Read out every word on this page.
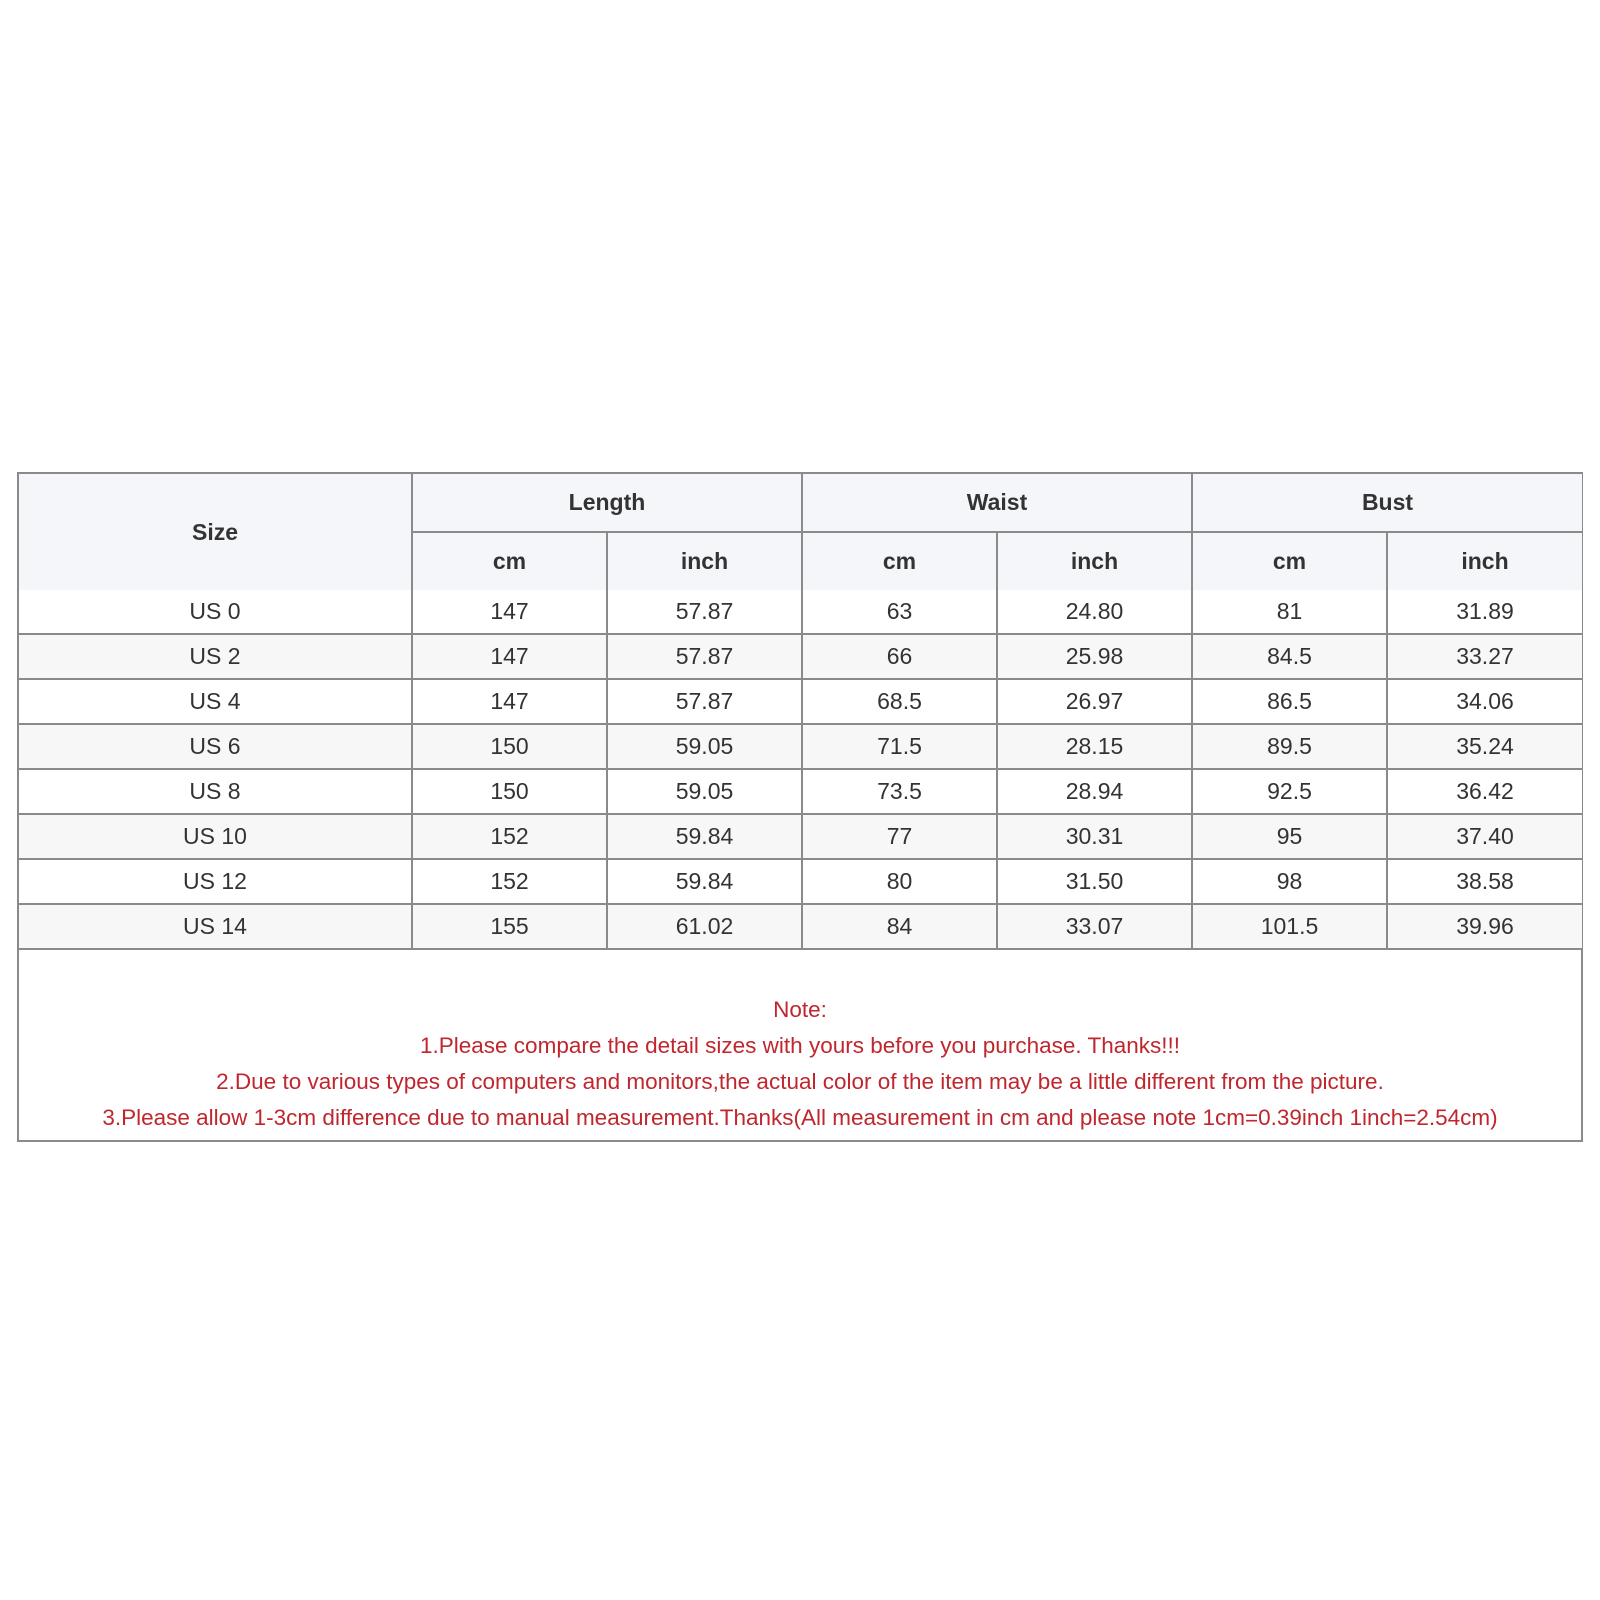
Size	Length		Waist		Bust	
	cm	inch	cm	inch	cm	inch
US 0	147	57.87	63	24.80	81	31.89
US 2	147	57.87	66	25.98	84.5	33.27
US 4	147	57.87	68.5	26.97	86.5	34.06
US 6	150	59.05	71.5	28.15	89.5	35.24
US 8	150	59.05	73.5	28.94	92.5	36.42
US 10	152	59.84	77	30.31	95	37.40
US 12	152	59.84	80	31.50	98	38.58
US 14	155	61.02	84	33.07	101.5	39.96
Note:
1.Please compare the detail sizes with yours before you purchase. Thanks!!!
2.Due to various types of computers and monitors,the actual color of the item may be a little different from the picture.
3.Please allow 1-3cm difference due to manual measurement.Thanks(All measurement in cm and please note 1cm=0.39inch 1inch=2.54cm)
